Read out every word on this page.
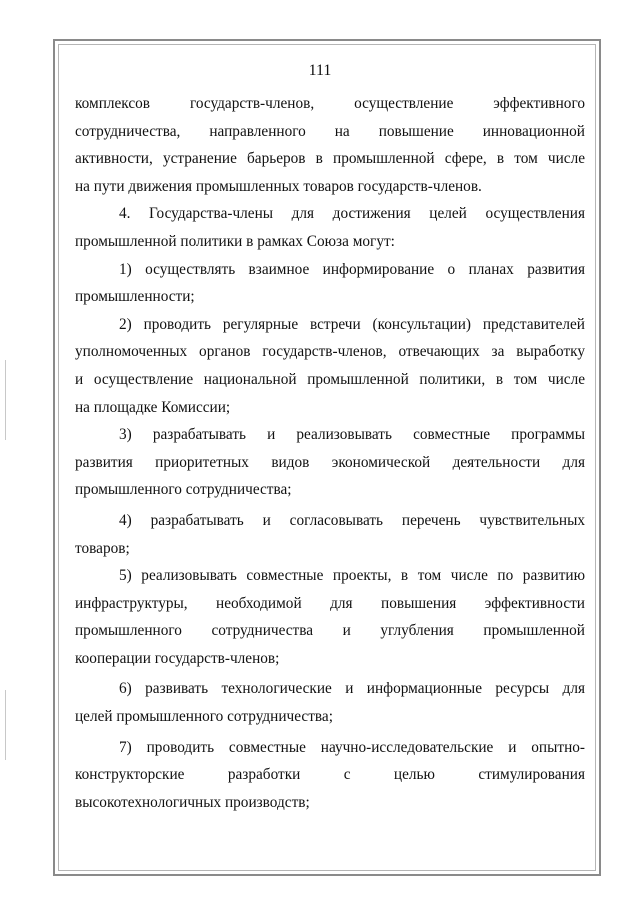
111

комплексов государств-членов, осуществление эффективного

сотрудничества, направленного на повышение инновационной

активности, устранение барьеров в промышленной сфере, в том числе

на пути движения промышленных товаров государств-членов.

4. Государства-члены для достижения целей осуществления

промышленной политики в рамках Союза могут:

1) осуществлять взаимное информирование о планах развития

промышленности;

2) проводить регулярные встречи (консультации) представителей

уполномоченных органов государств-членов, отвечающих за выработку

и осуществление национальной промышленной политики, в том числе

на площадке Комиссии;

3) разрабатывать и реализовывать совместные программы

развития приоритетных видов экономической деятельности для

промышленного сотрудничества;

4) разрабатывать и согласовывать перечень чувствительных

товаров;

5) реализовывать совместные проекты, в том числе по развитию

инфраструктуры, необходимой для повышения эффективности

промышленного сотрудничества и углубления промышленной

кооперации государств-членов;

6) развивать технологические и информационные ресурсы для

целей промышленного сотрудничества;

7) проводить совместные научно-исследовательские и опытно-

конструкторские разработки с целью стимулирования

высокотехнологичных производств;
